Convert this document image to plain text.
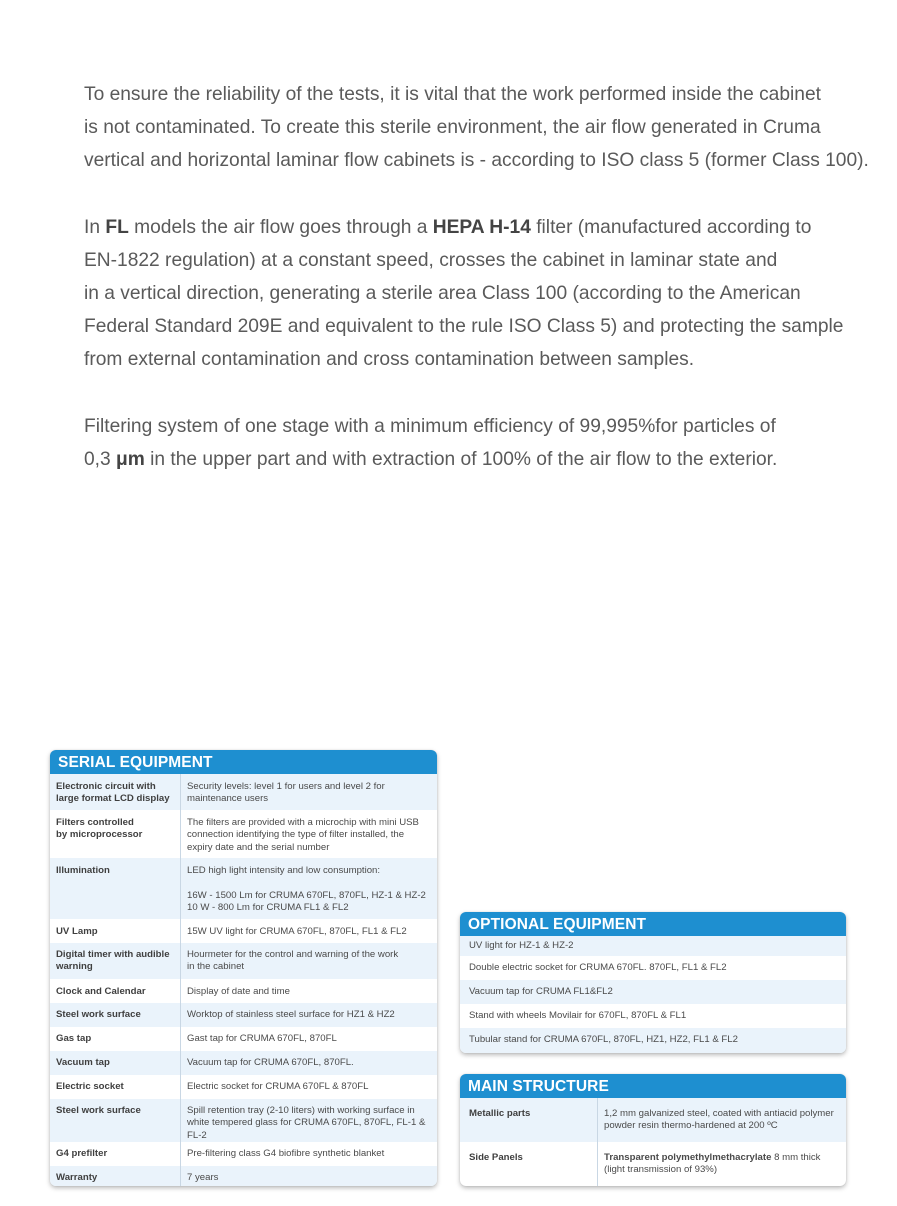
To ensure the reliability of the tests, it is vital that the work performed inside the cabinet
is not contaminated. To create this sterile environment, the air flow generated in Cruma
vertical and horizontal laminar flow cabinets is - according to ISO class 5 (former Class 100).

In FL models the air flow goes through a HEPA H-14 filter (manufactured according to
EN-1822 regulation) at a constant speed, crosses the cabinet in laminar state and
in a vertical direction, generating a sterile area Class 100 (according to the American
Federal Standard 209E and equivalent to the rule ISO Class 5) and protecting the sample
from external contamination and cross contamination between samples.

Filtering system of one stage with a minimum efficiency of 99,995%for particles of
0,3 μm in the upper part and with extraction of 100% of the air flow to the exterior.

SERIAL EQUIPMENT
Electronic circuit with
large format LCD display	Security levels: level 1 for users and level 2 for
maintenance users
Filters controlled
by microprocessor	The filters are provided with a microchip with mini USB
connection identifying the type of filter installed, the
expiry date and the serial number
Illumination	LED high light intensity and low consumption:

16W - 1500 Lm for CRUMA 670FL, 870FL, HZ-1 & HZ-2
10 W - 800 Lm for CRUMA FL1 & FL2
UV Lamp	15W UV light for CRUMA 670FL, 870FL, FL1 & FL2
Digital timer with audible
warning	Hourmeter for the control and warning of the work
in the cabinet
Clock and Calendar	Display of date and time
Steel work surface	Worktop of stainless steel surface for HZ1 & HZ2
Gas tap	Gast tap for CRUMA 670FL, 870FL
Vacuum tap	Vacuum tap for CRUMA 670FL, 870FL.
Electric socket	Electric socket for CRUMA 670FL & 870FL
Steel work surface	Spill retention tray (2-10 liters) with working surface in
white tempered glass for CRUMA 670FL, 870FL, FL-1 & FL-2
G4 prefilter	Pre-filtering class G4 biofibre synthetic blanket
Warranty	7 years
OPTIONAL EQUIPMENT
UV light for HZ-1 & HZ-2
Double electric socket for CRUMA 670FL. 870FL, FL1 & FL2
Vacuum tap for CRUMA FL1&FL2
Stand with wheels Movilair for 670FL, 870FL & FL1
Tubular stand for CRUMA 670FL, 870FL, HZ1, HZ2, FL1 & FL2
MAIN STRUCTURE
Metallic parts	1,2 mm galvanized steel, coated with antiacid polymer
powder resin thermo-hardened at 200 ºC
Side Panels	Transparent polymethylmethacrylate 8 mm thick
(light transmission of 93%)
